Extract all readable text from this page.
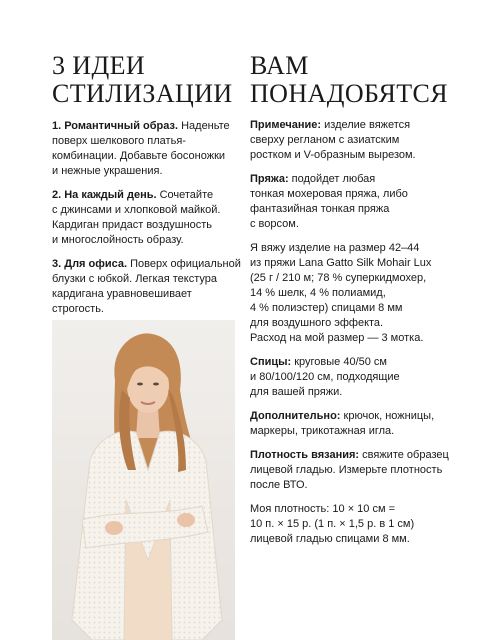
3 ИДЕИ
СТИЛИЗАЦИИ

1. Романтичный образ. Наденьте
поверх шелкового платья-
комбинации. Добавьте босоножки
и нежные украшения.

2. На каждый день. Сочетайте
с джинсами и хлопковой майкой.
Кардиган придаст воздушность
и многослойность образу.

3. Для офиса. Поверх официальной
блузки с юбкой. Легкая текстура
кардигана уравновешивает
строгость.

ВАМ
ПОНАДОБЯТСЯ

Примечание: изделие вяжется
сверху регланом с азиатским
ростком и V-образным вырезом.

Пряжа: подойдет любая
тонкая мохеровая пряжа, либо
фантазийная тонкая пряжа
с ворсом.

Я вяжу изделие на размер 42–44
из пряжи Lana Gatto Silk Mohair Lux
(25 г / 210 м; 78 % суперкидмохер,
14 % шелк, 4 % полиамид,
4 % полиэстер) спицами 8 мм
для воздушного эффекта.
Расход на мой размер — 3 мотка.

Спицы: круговые 40/50 см
и 80/100/120 см, подходящие
для вашей пряжи.

Дополнительно: крючок, ножницы,
маркеры, трикотажная игла.

Плотность вязания: свяжите образец
лицевой гладью. Измерьте плотность
после ВТО.

Моя плотность: 10 × 10 см =
10 п. × 15 р. (1 п. × 1,5 р. в 1 см)
лицевой гладью спицами 8 мм.
